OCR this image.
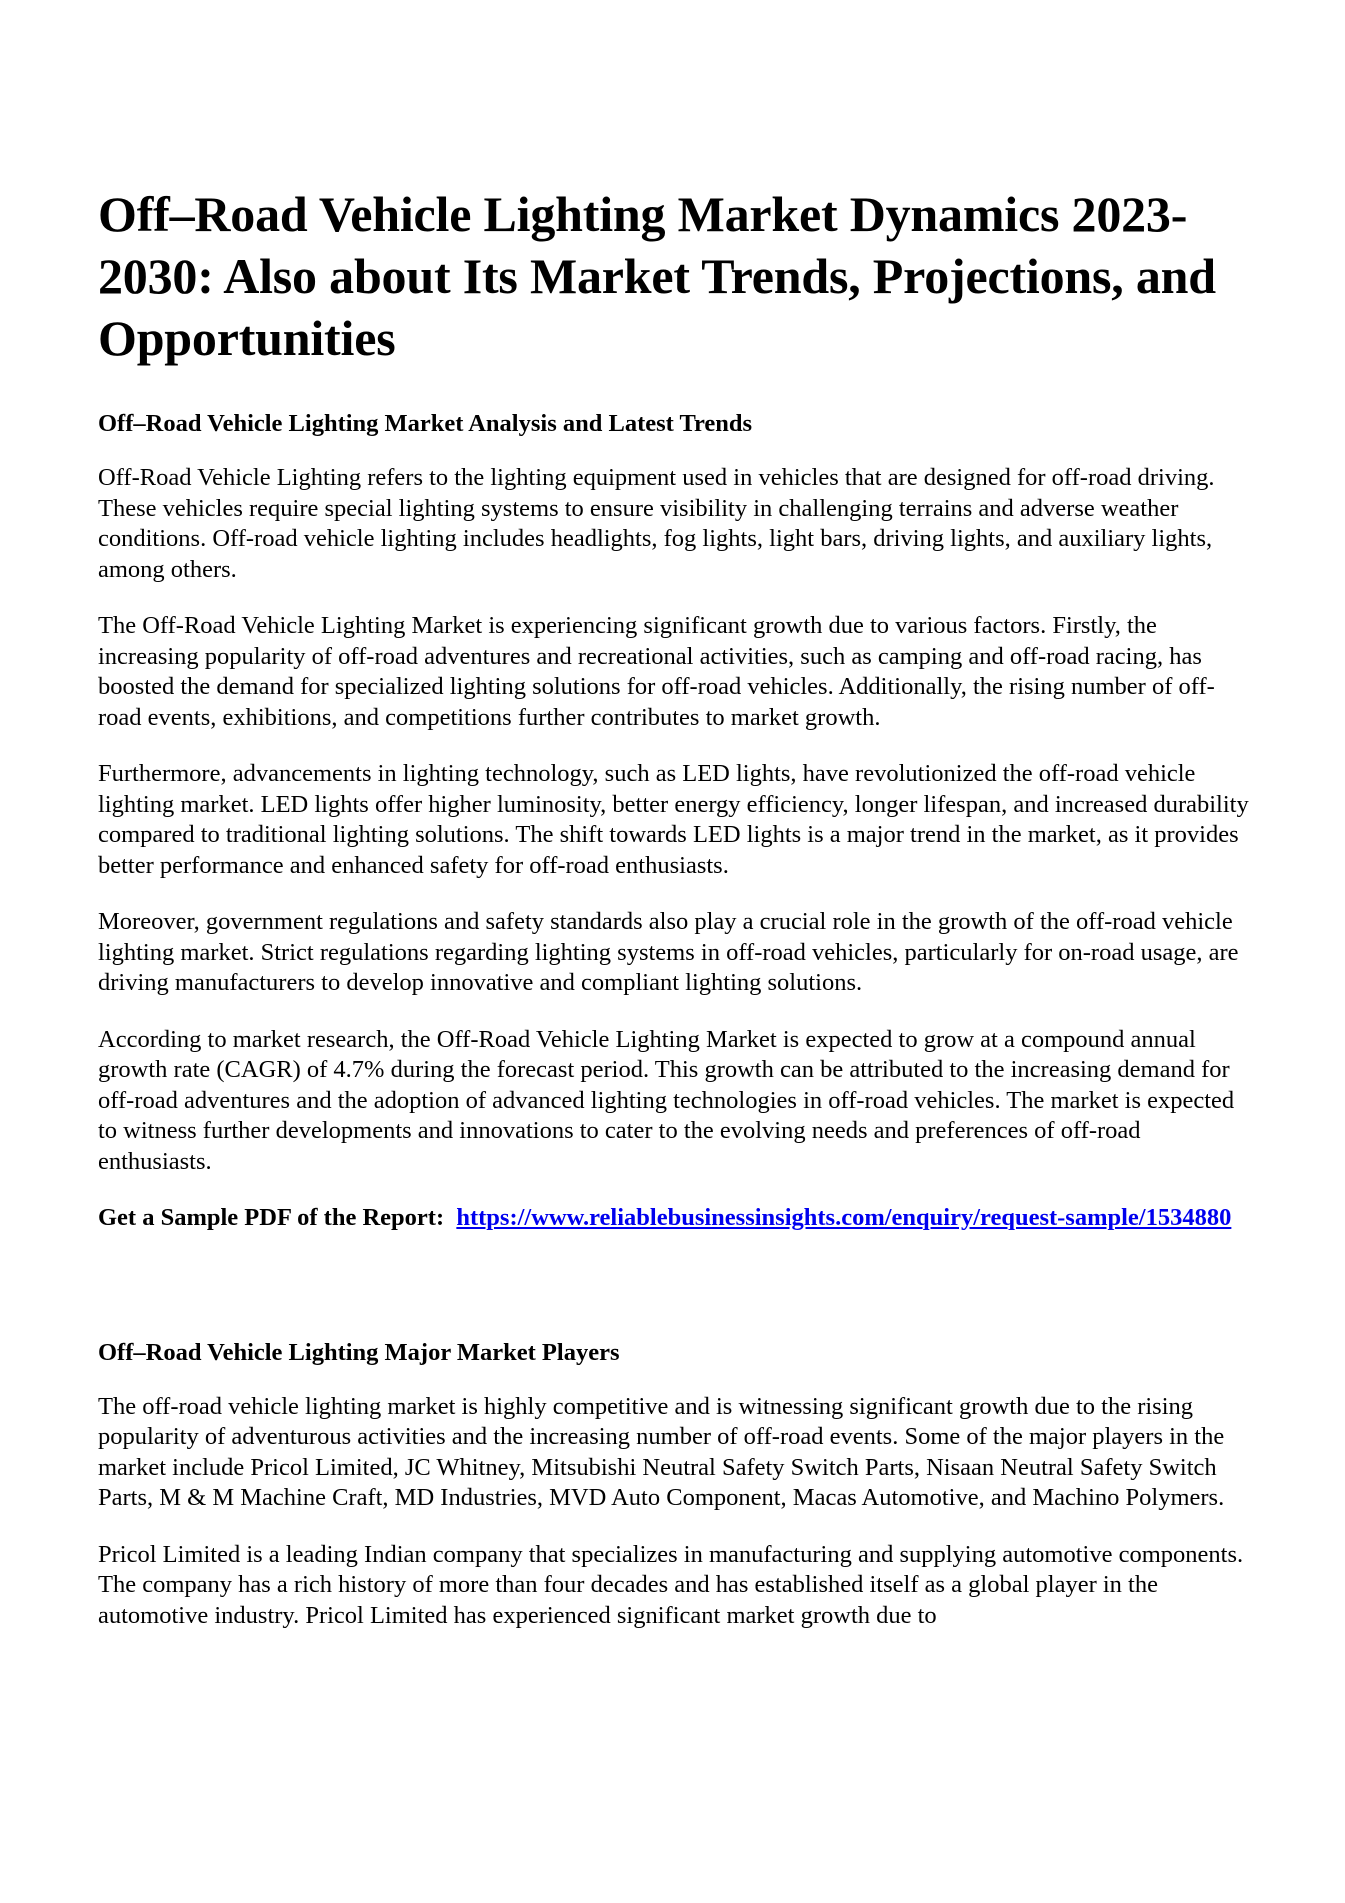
Off–Road Vehicle Lighting Market Dynamics 2023-2030: Also about Its Market Trends, Projections, and Opportunities
Off–Road Vehicle Lighting Market Analysis and Latest Trends

Off-Road Vehicle Lighting refers to the lighting equipment used in vehicles that are designed for off-road driving. These vehicles require special lighting systems to ensure visibility in challenging terrains and adverse weather conditions. Off-road vehicle lighting includes headlights, fog lights, light bars, driving lights, and auxiliary lights, among others.

The Off-Road Vehicle Lighting Market is experiencing significant growth due to various factors. Firstly, the increasing popularity of off-road adventures and recreational activities, such as camping and off-road racing, has boosted the demand for specialized lighting solutions for off-road vehicles. Additionally, the rising number of off-road events, exhibitions, and competitions further contributes to market growth.

Furthermore, advancements in lighting technology, such as LED lights, have revolutionized the off-road vehicle lighting market. LED lights offer higher luminosity, better energy efficiency, longer lifespan, and increased durability compared to traditional lighting solutions. The shift towards LED lights is a major trend in the market, as it provides better performance and enhanced safety for off-road enthusiasts.

Moreover, government regulations and safety standards also play a crucial role in the growth of the off-road vehicle lighting market. Strict regulations regarding lighting systems in off-road vehicles, particularly for on-road usage, are driving manufacturers to develop innovative and compliant lighting solutions.

According to market research, the Off-Road Vehicle Lighting Market is expected to grow at a compound annual growth rate (CAGR) of 4.7% during the forecast period. This growth can be attributed to the increasing demand for off-road adventures and the adoption of advanced lighting technologies in off-road vehicles. The market is expected to witness further developments and innovations to cater to the evolving needs and preferences of off-road enthusiasts.

Get a Sample PDF of the Report: https://www.reliablebusinessinsights.com/enquiry/request-sample/1534880

Off–Road Vehicle Lighting Major Market Players

The off-road vehicle lighting market is highly competitive and is witnessing significant growth due to the rising popularity of adventurous activities and the increasing number of off-road events. Some of the major players in the market include Pricol Limited, JC Whitney, Mitsubishi Neutral Safety Switch Parts, Nisaan Neutral Safety Switch Parts, M & M Machine Craft, MD Industries, MVD Auto Component, Macas Automotive, and Machino Polymers.

Pricol Limited is a leading Indian company that specializes in manufacturing and supplying automotive components. The company has a rich history of more than four decades and has established itself as a global player in the automotive industry. Pricol Limited has experienced significant market growth due to
